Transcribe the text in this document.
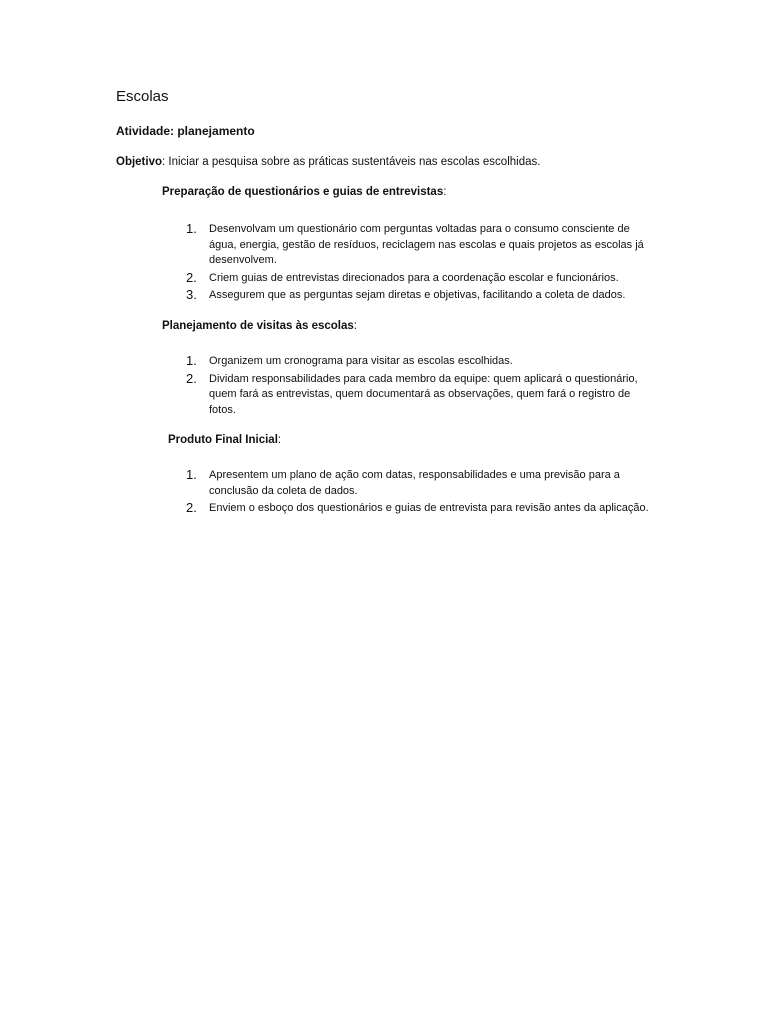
Escolas

Atividade: planejamento

Objetivo: Iniciar a pesquisa sobre as práticas sustentáveis nas escolas escolhidas.

Preparação de questionários e guias de entrevistas:

1. Desenvolvam um questionário com perguntas voltadas para o consumo consciente de água, energia, gestão de resíduos, reciclagem nas escolas e quais projetos as escolas já desenvolvem.
2. Criem guias de entrevistas direcionados para a coordenação escolar e funcionários.
3. Assegurem que as perguntas sejam diretas e objetivas, facilitando a coleta de dados.

Planejamento de visitas às escolas:

1. Organizem um cronograma para visitar as escolas escolhidas.
2. Dividam responsabilidades para cada membro da equipe: quem aplicará o questionário, quem fará as entrevistas, quem documentará as observações, quem fará o registro de fotos.

Produto Final Inicial:

1. Apresentem um plano de ação com datas, responsabilidades e uma previsão para a conclusão da coleta de dados.
2. Enviem o esboço dos questionários e guias de entrevista para revisão antes da aplicação.
